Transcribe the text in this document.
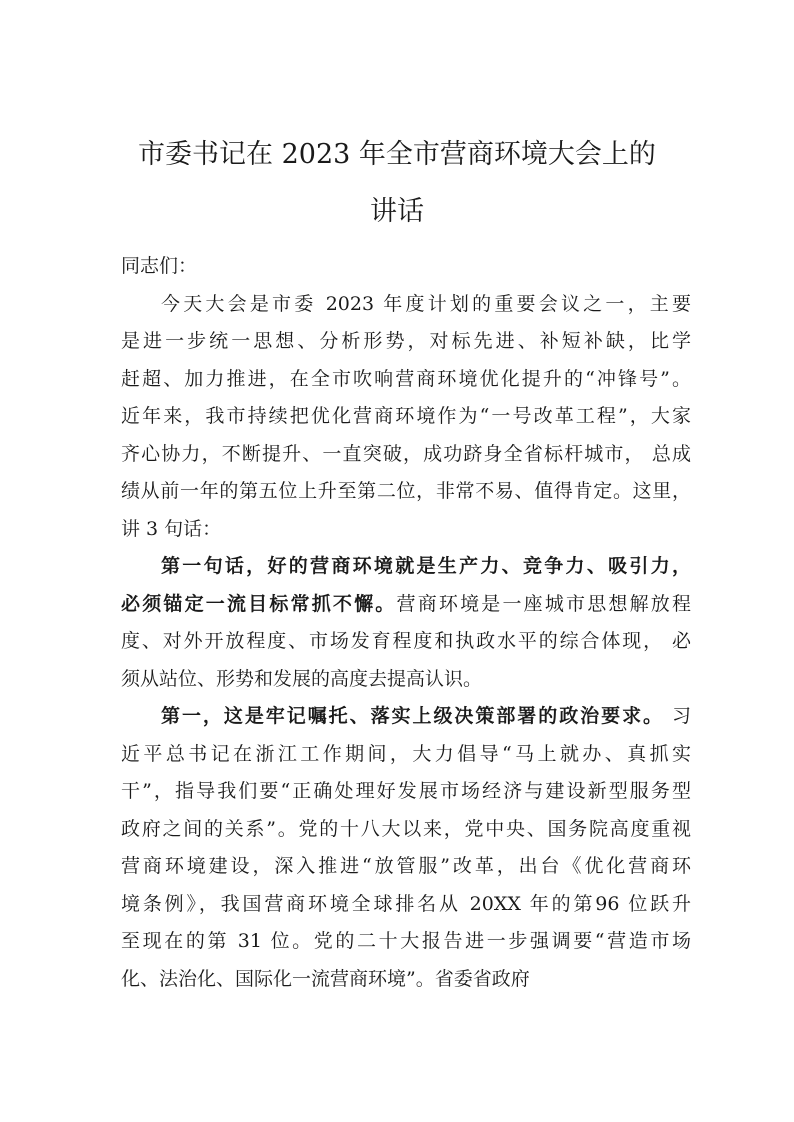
市委书记在 2023 年全市营商环境大会上的
讲话
同志们：
今天大会是市委 2023 年度计划的重要会议之一，主要
是进一步统一思想、分析形势，对标先进、补短补缺，比学
赶超、加力推进，在全市吹响营商环境优化提升的“冲锋号”。
近年来，我市持续把优化营商环境作为“一号改革工程”，大家
齐心协力，不断提升、一直突破，成功跻身全省标杆城市， 总成
绩从前一年的第五位上升至第二位，非常不易、值得肯定。这里，
讲 3 句话：
第一句话，好的营商环境就是生产力、竞争力、吸引力，
必须锚定一流目标常抓不懈。营商环境是一座城市思想解放程
度、对外开放程度、市场发育程度和执政水平的综合体现， 必
须从站位、形势和发展的高度去提高认识。
第一，这是牢记嘱托、落实上级决策部署的政治要求。 习
近平总书记在浙江工作期间，大力倡导“马上就办、真抓实
干”，指导我们要“正确处理好发展市场经济与建设新型服务型
政府之间的关系”。党的十八大以来，党中央、国务院高度重视
营商环境建设，深入推进“放管服”改革，出台《优化营商环
境条例》，我国营商环境全球排名从 20XX 年的第96 位跃升
至现在的第 31 位。党的二十大报告进一步强调要“营造市场
化、法治化、国际化一流营商环境”。省委省政府
